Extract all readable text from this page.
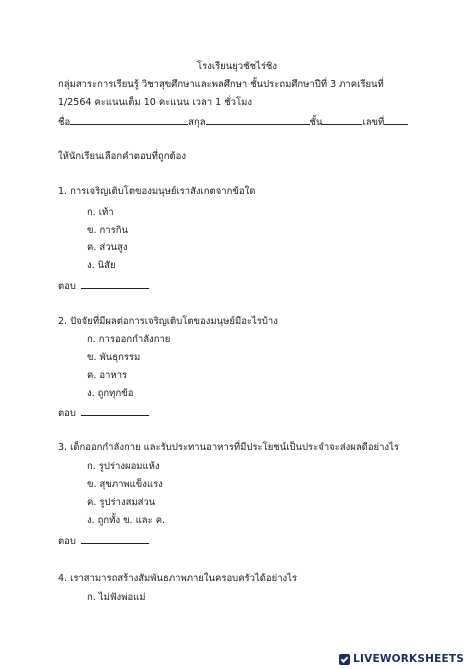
โรงเรียนยุวชัชไร่ชิง
กลุ่มสาระการเรียนรู้ วิชาสุขศึกษาและพลศึกษา ชั้นประถมศึกษาปีที่ 3 ภาคเรียนที่
1/2564 คะแนนเต็ม 10 คะแนน เวลา 1 ชั่วโมง
ชื่อ	สกุล	ชั้น	เลขที่
ให้นักเรียนเลือกคำตอบที่ถูกต้อง
1. การเจริญเติบโตของมนุษย์เราสังเกตจากข้อใด
ก. เท้า
ข. การกิน
ค. ส่วนสูง
ง. นิสัย
ตอบ
2. ปัจจัยที่มีผลต่อการเจริญเติบโตของมนุษย์มีอะไรบ้าง
ก. การออกกำลังกาย
ข. พันธุกรรม
ค. อาหาร
ง. ถูกทุกข้อ
ตอบ
3. เด็กออกกำลังกาย และรับประทานอาหารที่มีประโยชน์เป็นประจำจะส่งผลดีอย่างไร
ก. รูปร่างผอมแห้ง
ข. สุขภาพแข็งแรง
ค. รูปร่างสมส่วน
ง. ถูกทั้ง ข. และ ค.
ตอบ
4. เราสามารถสร้างสัมพันธภาพภายในครอบครัวได้อย่างไร
ก. ไม่ฟังพ่อแม่
LIVEWORKSHEETS
